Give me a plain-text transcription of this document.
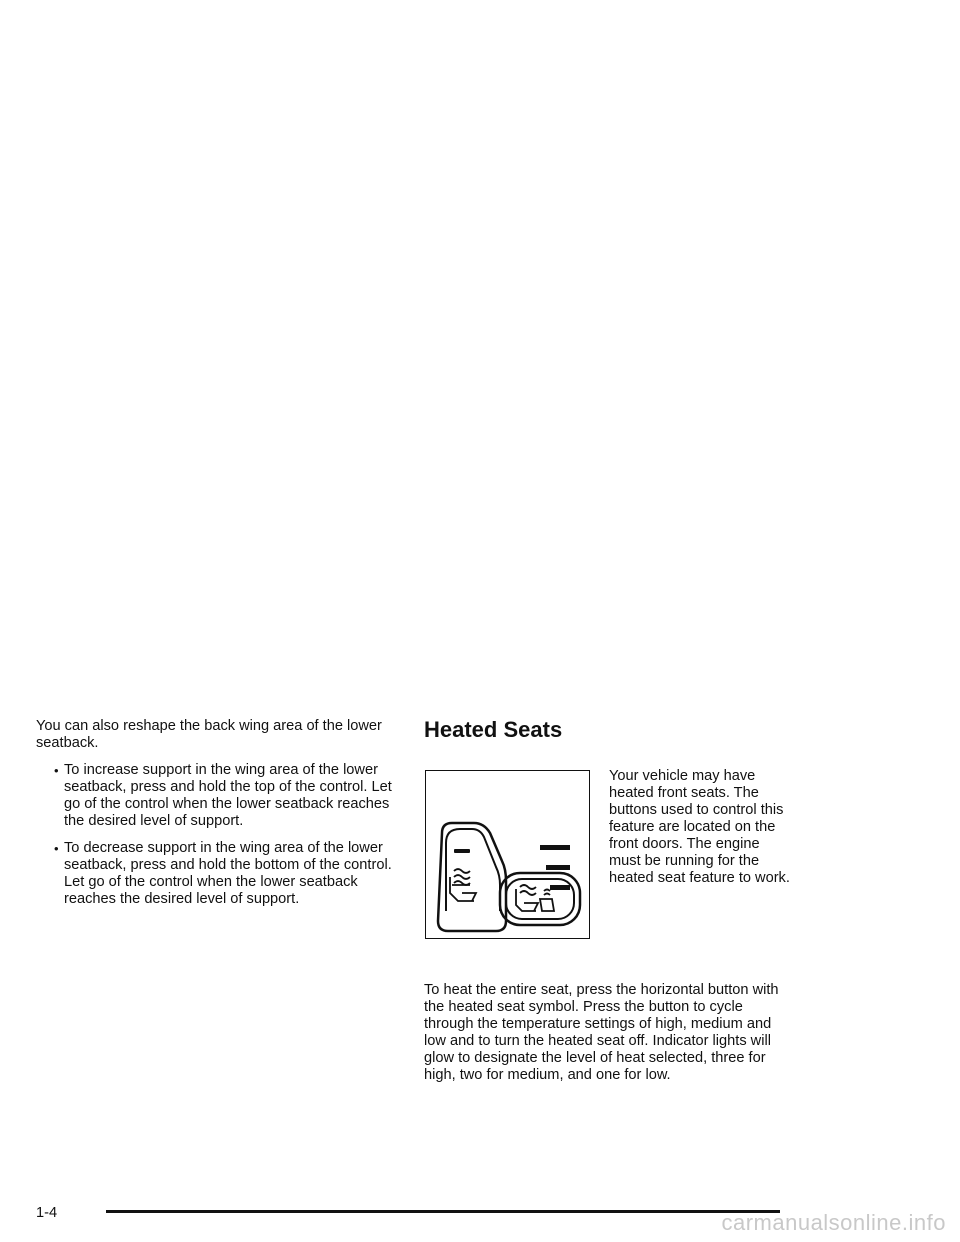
You can also reshape the back wing area of the lower seatback.

• To increase support in the wing area of the lower seatback, press and hold the top of the control. Let go of the control when the lower seatback reaches the desired level of support.
• To decrease support in the wing area of the lower seatback, press and hold the bottom of the control. Let go of the control when the lower seatback reaches the desired level of support.
Heated Seats
Your vehicle may have heated front seats. The buttons used to control this feature are located on the front doors. The engine must be running for the heated seat feature to work.

To heat the entire seat, press the horizontal button with the heated seat symbol. Press the button to cycle through the temperature settings of high, medium and low and to turn the heated seat off. Indicator lights will glow to designate the level of heat selected, three for high, two for medium, and one for low.

1-4	carmanualsonline.info
